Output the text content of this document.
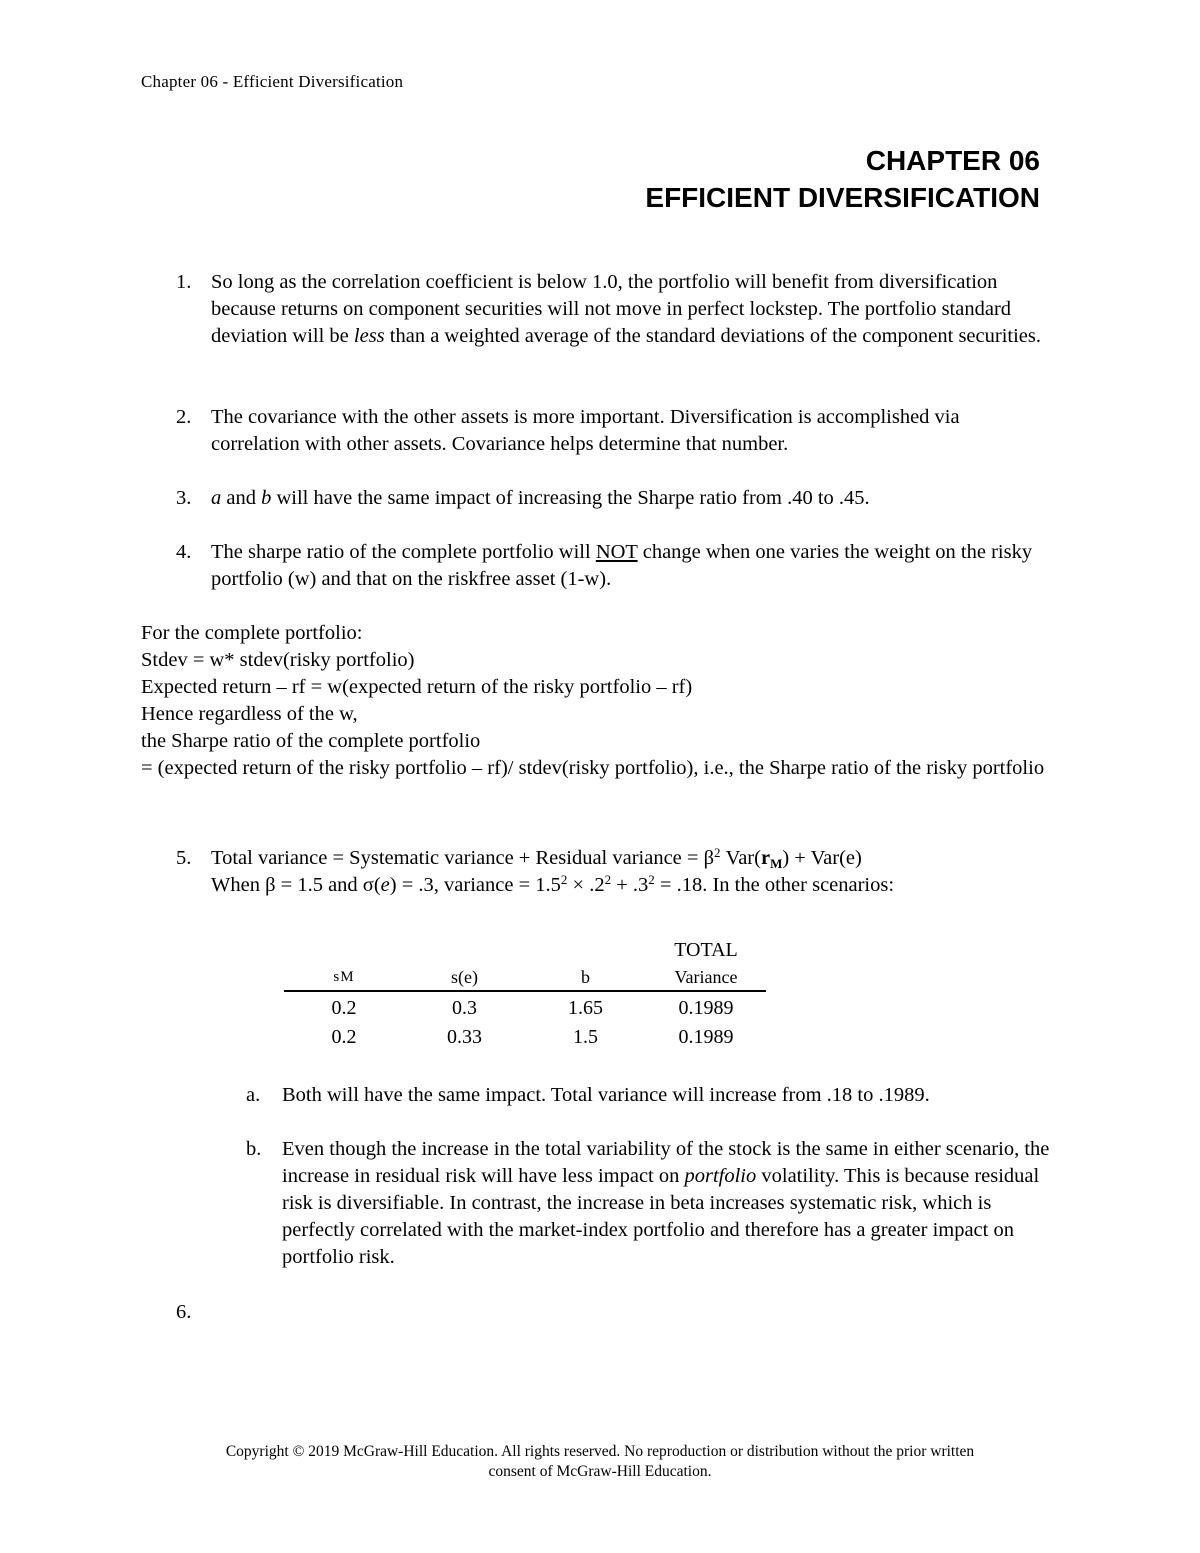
Chapter 06 - Efficient Diversification
CHAPTER 06
EFFICIENT DIVERSIFICATION
1. So long as the correlation coefficient is below 1.0, the portfolio will benefit from diversification because returns on component securities will not move in perfect lockstep. The portfolio standard deviation will be less than a weighted average of the standard deviations of the component securities.
2. The covariance with the other assets is more important. Diversification is accomplished via correlation with other assets. Covariance helps determine that number.
3. a and b will have the same impact of increasing the Sharpe ratio from .40 to .45.
4. The sharpe ratio of the complete portfolio will NOT change when one varies the weight on the risky portfolio (w) and that on the riskfree asset (1-w).
For the complete portfolio:
Stdev = w* stdev(risky portfolio)
Expected return – rf = w(expected return of the risky portfolio – rf)
Hence regardless of the w,
the Sharpe ratio of the complete portfolio
= (expected return of the risky portfolio – rf)/ stdev(risky portfolio), i.e., the Sharpe ratio of the risky portfolio
5. Total variance = Systematic variance + Residual variance = $\beta^2$ $Var(r_M) + Var(e)$
When β = 1.5 and σ(e) = .3, variance = $1.5^2 \times .2^2 + .3^2 = .18$. In the other scenarios:
TOTAL
sM	s(e)	b	Variance
0.2	0.3	1.65	0.1989
0.2	0.33	1.5	0.1989
a. Both will have the same impact. Total variance will increase from .18 to .1989.
b. Even though the increase in the total variability of the stock is the same in either scenario, the increase in residual risk will have less impact on portfolio volatility. This is because residual risk is diversifiable. In contrast, the increase in beta increases systematic risk, which is perfectly correlated with the market-index portfolio and therefore has a greater impact on portfolio risk.
6.
Copyright © 2019 McGraw-Hill Education. All rights reserved. No reproduction or distribution without the prior written
consent of McGraw-Hill Education.
